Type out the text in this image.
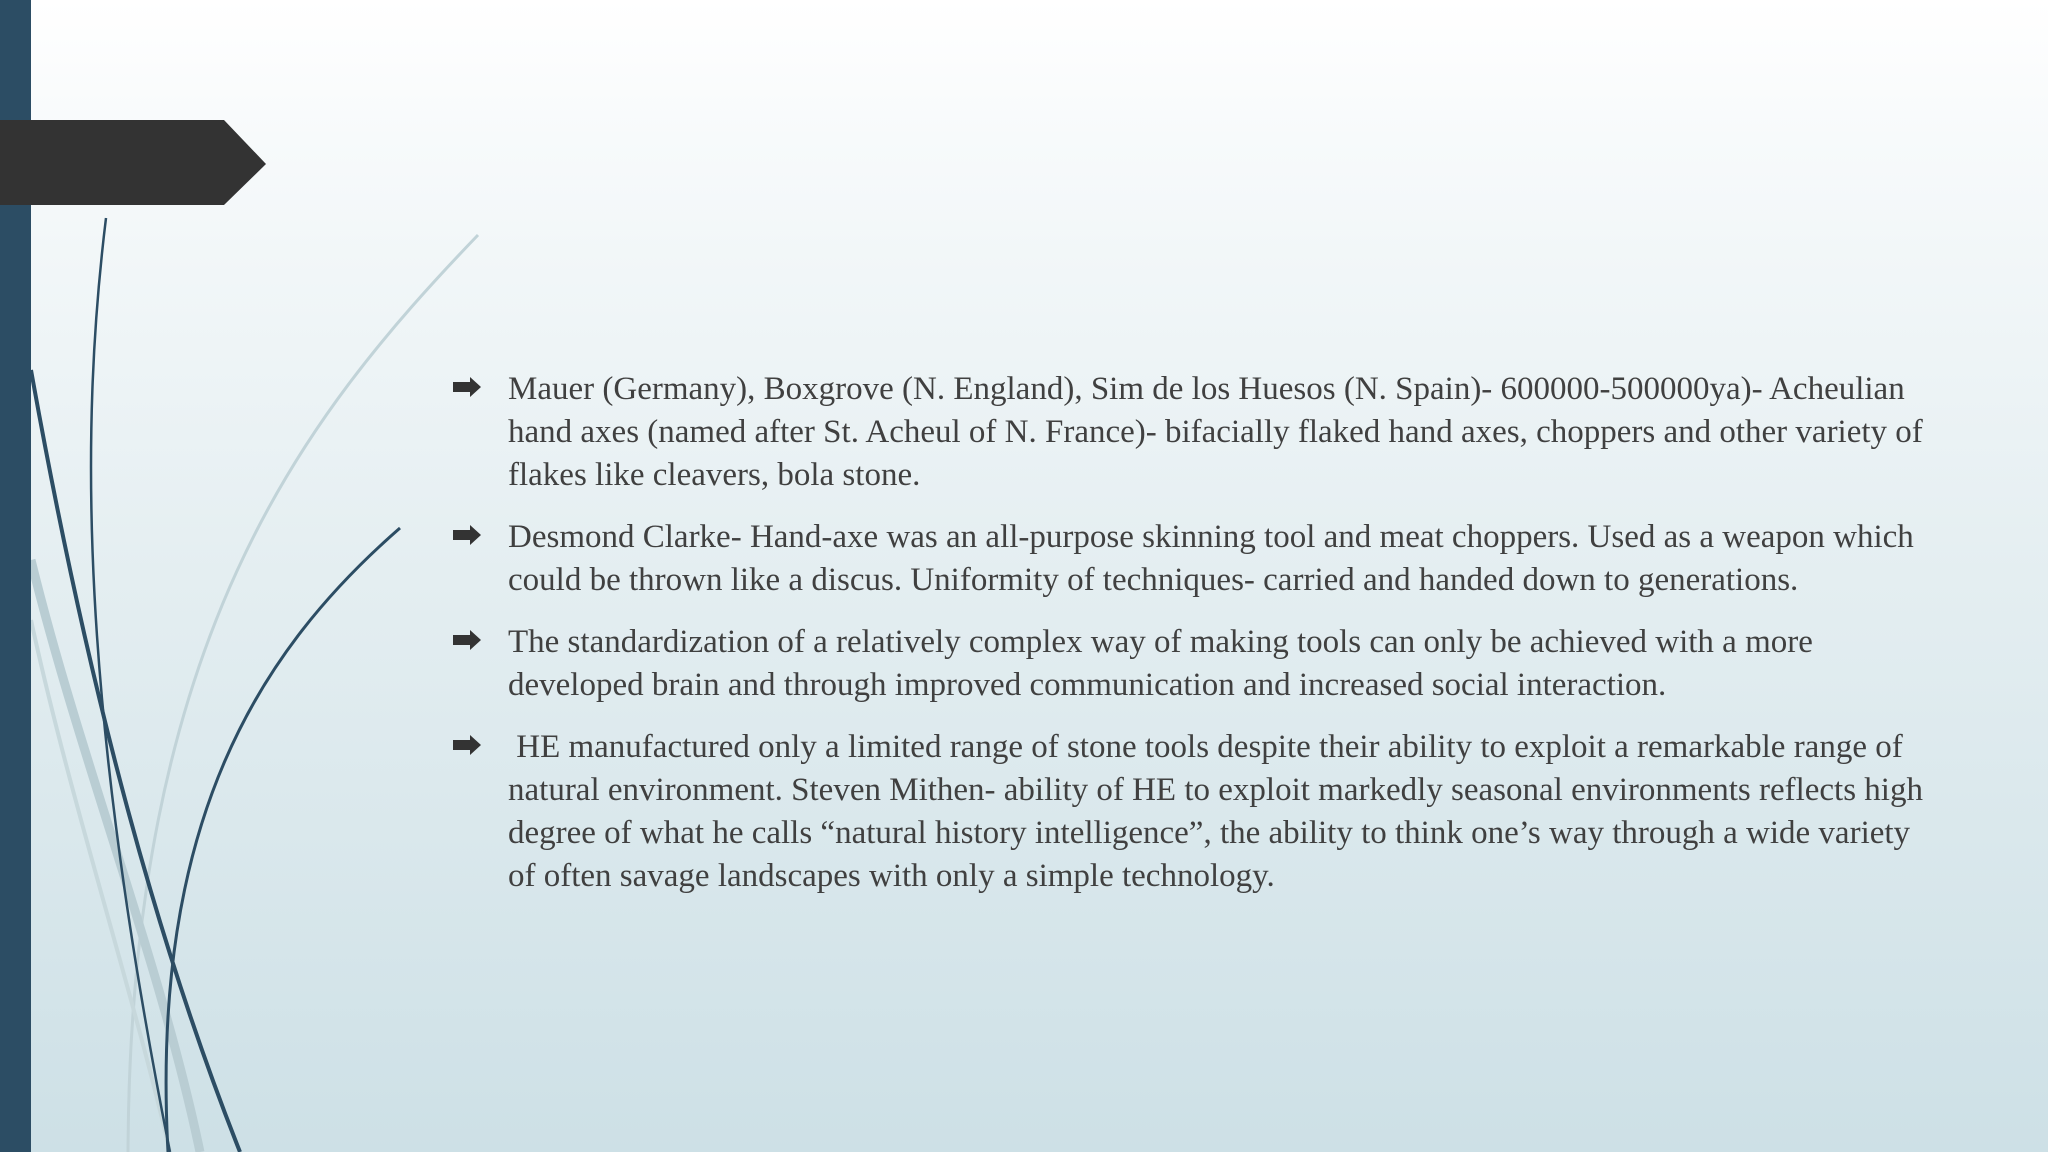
Mauer (Germany), Boxgrove (N. England), Sim de los Huesos (N. Spain)- 600000-500000ya)- Acheulian hand axes (named after St. Acheul of N. France)- bifacially flaked hand axes, choppers and other variety of flakes like cleavers, bola stone.
Desmond Clarke- Hand-axe was an all-purpose skinning tool and meat choppers. Used as a weapon which could be thrown like a discus. Uniformity of techniques- carried and handed down to generations.
The standardization of a relatively complex way of making tools can only be achieved with a more developed brain and through improved communication and increased social interaction.
HE manufactured only a limited range of stone tools despite their ability to exploit a remarkable range of natural environment. Steven Mithen- ability of HE to exploit markedly seasonal environments reflects high degree of what he calls “natural history intelligence”, the ability to think one’s way through a wide variety of often savage landscapes with only a simple technology.
